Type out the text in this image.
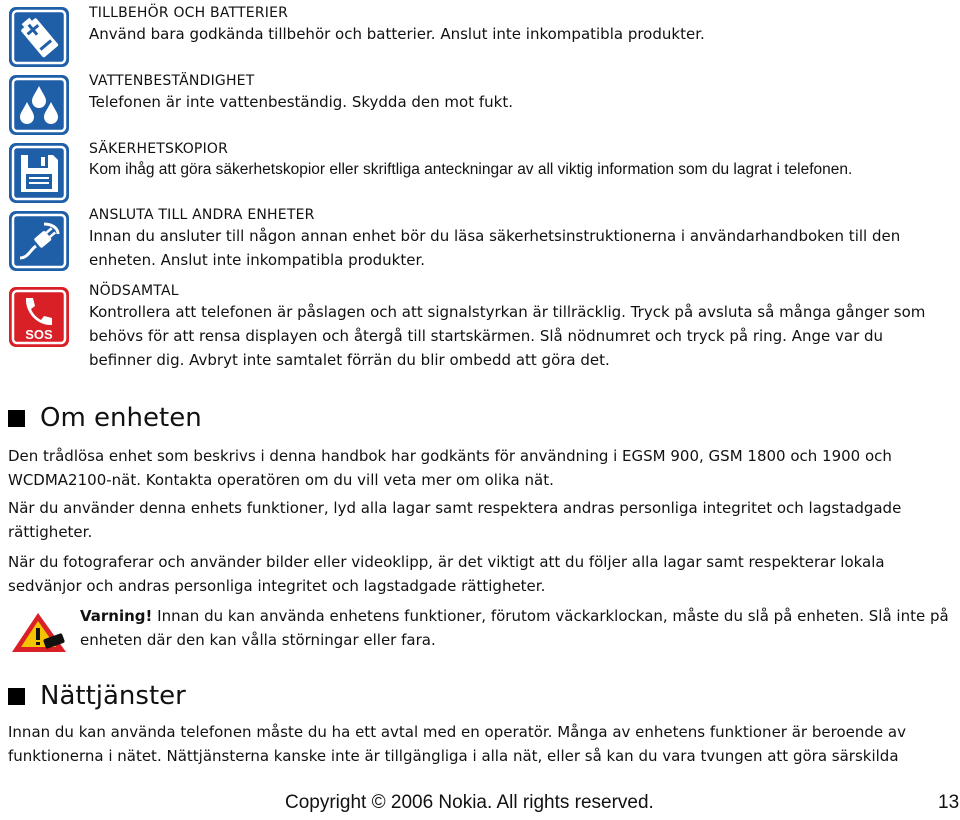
TILLBEHÖR OCH BATTERIER

Använd bara godkända tillbehör och batterier. Anslut inte inkompatibla produkter.

VATTENBESTÄNDIGHET

Telefonen är inte vattenbeständig. Skydda den mot fukt.

SÄKERHETSKOPIOR

Kom ihåg att göra säkerhetskopior eller skriftliga anteckningar av all viktig information som du lagrat i telefonen.

ANSLUTA TILL ANDRA ENHETER

Innan du ansluter till någon annan enhet bör du läsa säkerhetsinstruktionerna i användarhandboken till den enheten. Anslut inte inkompatibla produkter.

SOS

NÖDSAMTAL

Kontrollera att telefonen är påslagen och att signalstyrkan är tillräcklig. Tryck på avsluta så många gånger som behövs för att rensa displayen och återgå till startskärmen. Slå nödnumret och tryck på ring. Ange var du befinner dig. Avbryt inte samtalet förrän du blir ombedd att göra det.

Om enheten

Den trådlösa enhet som beskrivs i denna handbok har godkänts för användning i EGSM 900, GSM 1800 och 1900 och WCDMA2100-nät. Kontakta operatören om du vill veta mer om olika nät.

När du använder denna enhets funktioner, lyd alla lagar samt respektera andras personliga integritet och lagstadgade rättigheter.

När du fotograferar och använder bilder eller videoklipp, är det viktigt att du följer alla lagar samt respekterar lokala sedvänjor och andras personliga integritet och lagstadgade rättigheter.

Varning! Innan du kan använda enhetens funktioner, förutom väckarklockan, måste du slå på enheten. Slå inte på enheten där den kan vålla störningar eller fara.

Nättjänster

Innan du kan använda telefonen måste du ha ett avtal med en operatör. Många av enhetens funktioner är beroende av funktionerna i nätet. Nättjänsterna kanske inte är tillgängliga i alla nät, eller så kan du vara tvungen att göra särskilda

Copyright © 2006 Nokia. All rights reserved.	13
